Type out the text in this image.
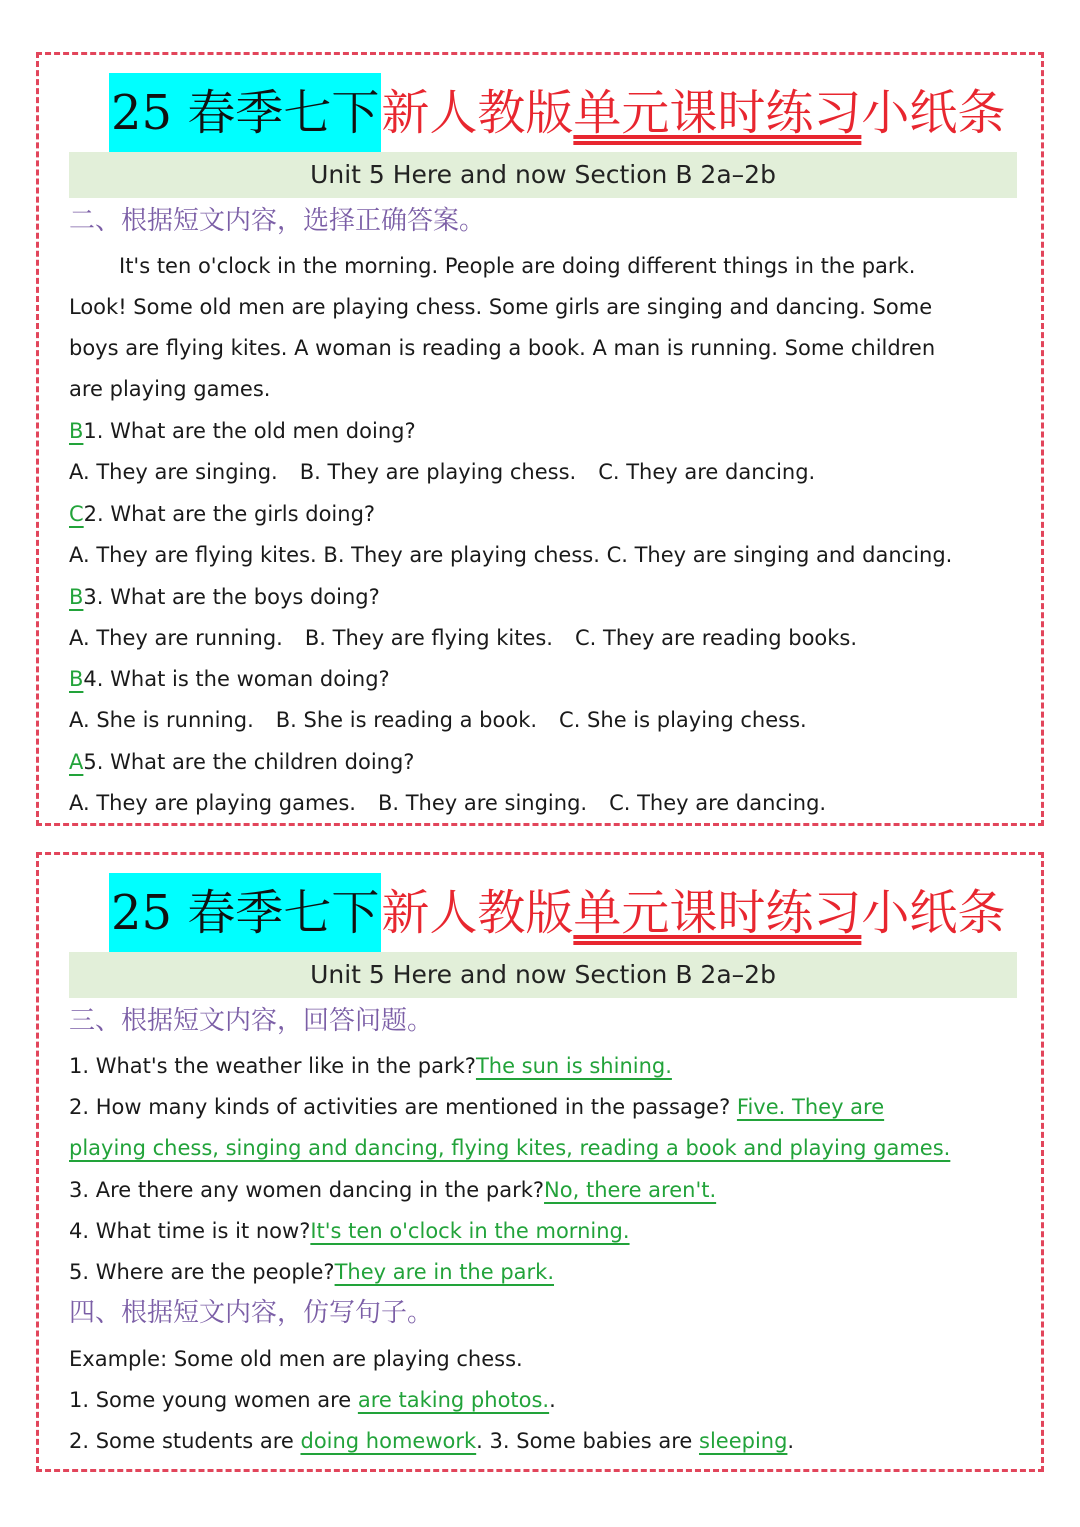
25 春季七下新人教版单元课时练习小纸条
Unit 5 Here and now Section B 2a–2b
二、根据短文内容，选择正确答案。
It's ten o'clock in the morning. People are doing different things in the park.
Look! Some old men are playing chess. Some girls are singing and dancing. Some
boys are flying kites. A woman is reading a book. A man is running. Some children
are playing games.
B1. What are the old men doing?
A. They are singing. B. They are playing chess. C. They are dancing.
C2. What are the girls doing?
A. They are flying kites. B. They are playing chess. C. They are singing and dancing.
B3. What are the boys doing?
A. They are running. B. They are flying kites. C. They are reading books.
B4. What is the woman doing?
A. She is running. B. She is reading a book. C. She is playing chess.
A5. What are the children doing?
A. They are playing games. B. They are singing. C. They are dancing.
25 春季七下新人教版单元课时练习小纸条
Unit 5 Here and now Section B 2a–2b
三、根据短文内容，回答问题。
1. What's the weather like in the park?The sun is shining.
2. How many kinds of activities are mentioned in the passage? Five. They are
playing chess, singing and dancing, flying kites, reading a book and playing games.
3. Are there any women dancing in the park?No, there aren't.
4. What time is it now?It's ten o'clock in the morning.
5. Where are the people?They are in the park.
四、根据短文内容，仿写句子。
Example: Some old men are playing chess.
1. Some young women are are taking photos..
2. Some students are doing homework. 3. Some babies are sleeping.
